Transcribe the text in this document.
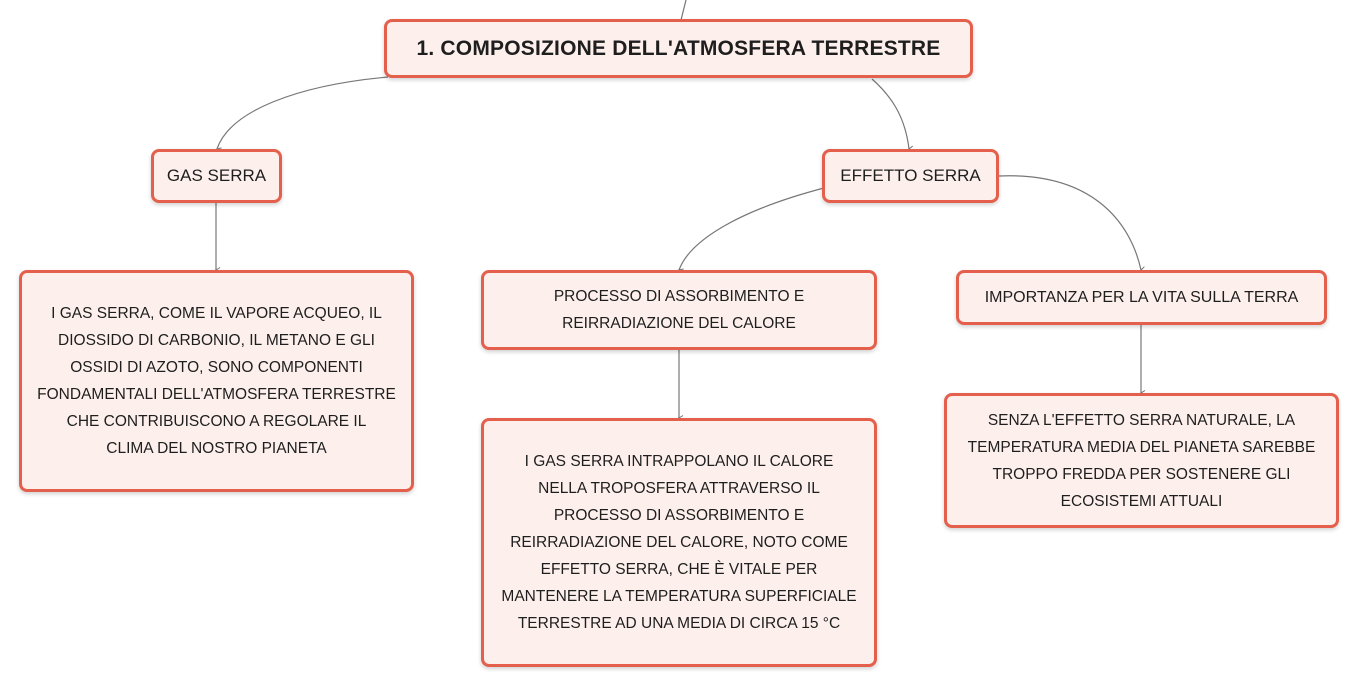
1. COMPOSIZIONE DELL'ATMOSFERA TERRESTRE
GAS SERRA	EFFETTO SERRA
I GAS SERRA, COME IL VAPORE ACQUEO, IL
DIOSSIDO DI CARBONIO, IL METANO E GLI
OSSIDI DI AZOTO, SONO COMPONENTI
FONDAMENTALI DELL'ATMOSFERA TERRESTRE
CHE CONTRIBUISCONO A REGOLARE IL
CLIMA DEL NOSTRO PIANETA
PROCESSO DI ASSORBIMENTO E
REIRRADIAZIONE DEL CALORE
IMPORTANZA PER LA VITA SULLA TERRA
I GAS SERRA INTRAPPOLANO IL CALORE
NELLA TROPOSFERA ATTRAVERSO IL
PROCESSO DI ASSORBIMENTO E
REIRRADIAZIONE DEL CALORE, NOTO COME
EFFETTO SERRA, CHE È VITALE PER
MANTENERE LA TEMPERATURA SUPERFICIALE
TERRESTRE AD UNA MEDIA DI CIRCA 15 °C
SENZA L'EFFETTO SERRA NATURALE, LA
TEMPERATURA MEDIA DEL PIANETA SAREBBE
TROPPO FREDDA PER SOSTENERE GLI
ECOSISTEMI ATTUALI
